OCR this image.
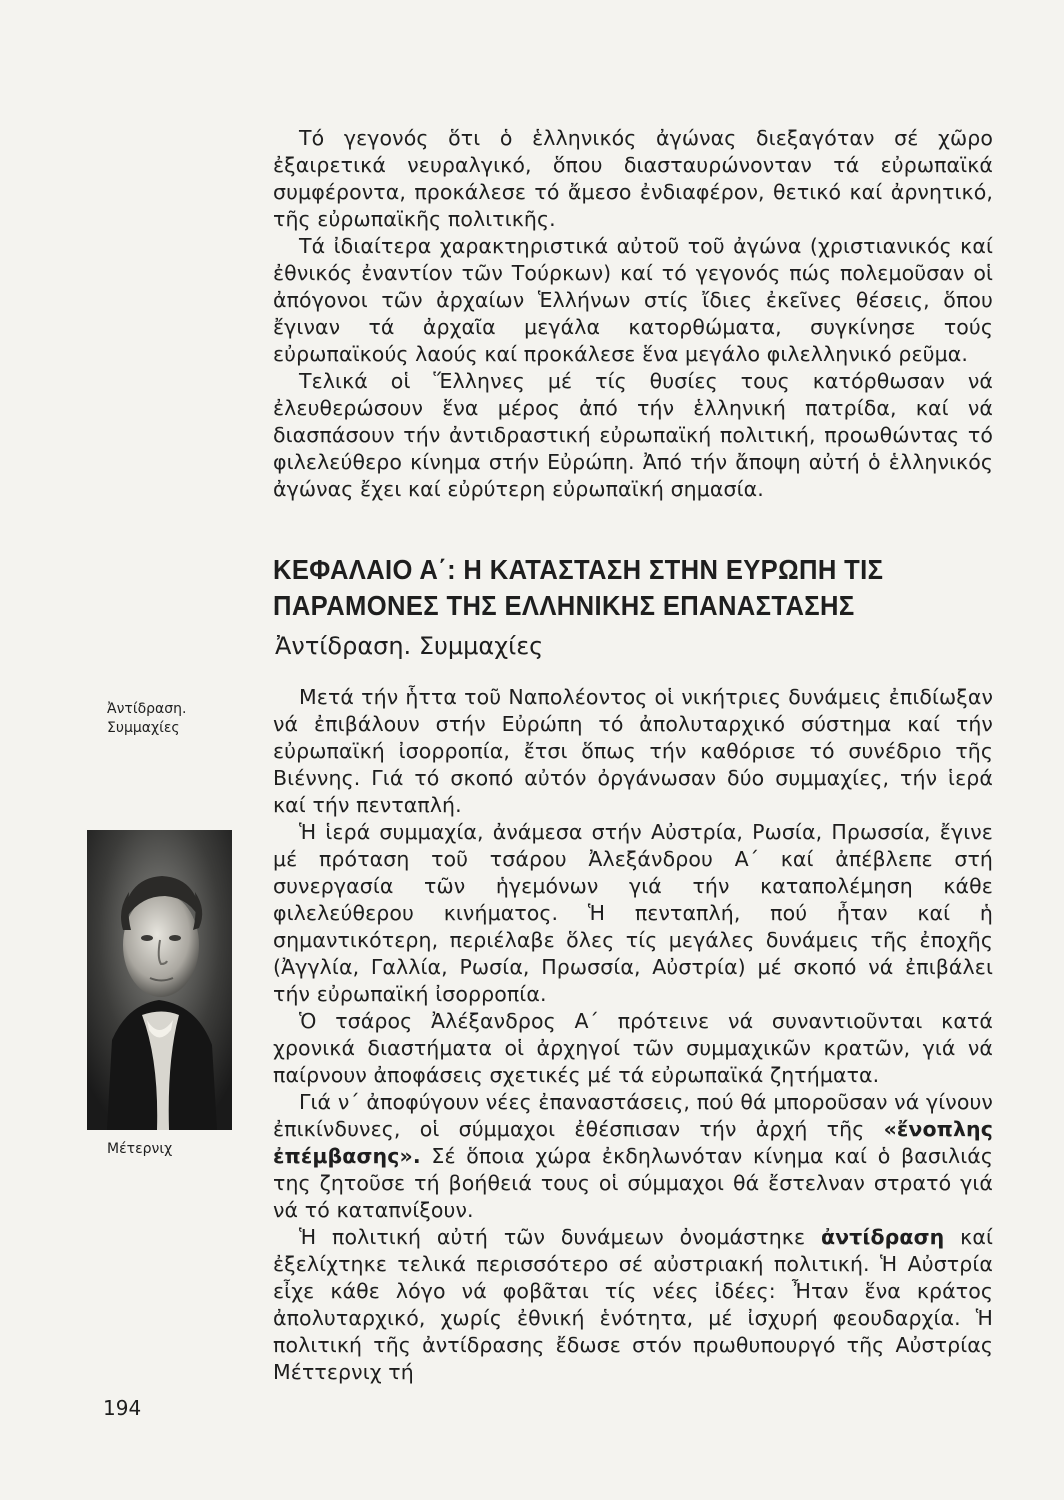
Τό γεγονός ὅτι ὁ ἑλληνικός ἀγώνας διεξαγόταν σέ χῶρο ἐξαιρετικά νευραλγικό, ὅπου διασταυρώνονταν τά εὐρωπαϊκά συμφέροντα, προκάλεσε τό ἄμεσο ἐνδιαφέρον, θετικό καί ἀρνητικό, τῆς εὐρωπαϊκῆς πολιτικῆς.

Τά ἰδιαίτερα χαρακτηριστικά αὐτοῦ τοῦ ἀγώνα (χριστιανικός καί ἐθνικός ἐναντίον τῶν Τούρκων) καί τό γεγονός πώς πολεμοῦσαν οἱ ἀπόγονοι τῶν ἀρχαίων Ἑλλήνων στίς ἴδιες ἐκεῖνες θέσεις, ὅπου ἔγιναν τά ἀρχαῖα μεγάλα κατορθώματα, συγκίνησε τούς εὐρωπαϊκούς λαούς καί προκάλεσε ἕνα μεγάλο φιλελληνικό ρεῦμα.

Τελικά οἱ Ἕλληνες μέ τίς θυσίες τους κατόρθωσαν νά ἐλευθερώσουν ἕνα μέρος ἀπό τήν ἑλληνική πατρίδα, καί νά διασπάσουν τήν ἀντιδραστική εὐρωπαϊκή πολιτική, προωθώντας τό φιλελεύθερο κίνημα στήν Εὐρώπη. Ἀπό τήν ἄποψη αὐτή ὁ ἑλληνικός ἀγώνας ἔχει καί εὐρύτερη εὐρωπαϊκή σημασία.

ΚΕΦΑΛΑΙΟ Α΄: Η ΚΑΤΑΣΤΑΣΗ ΣΤΗΝ ΕΥΡΩΠΗ ΤΙΣ
ΠΑΡΑΜΟΝΕΣ ΤΗΣ ΕΛΛΗΝΙΚΗΣ ΕΠΑΝΑΣΤΑΣΗΣ
Ἀντίδραση. Συμμαχίες
Ἀντίδραση.
Συμμαχίες
Μέτερνιχ

Μετά τήν ἧττα τοῦ Ναπολέοντος οἱ νικήτριες δυνάμεις ἐπιδίωξαν νά ἐπιβάλουν στήν Εὐρώπη τό ἀπολυταρχικό σύστημα καί τήν εὐρωπαϊκή ἰσορροπία, ἔτσι ὅπως τήν καθόρισε τό συνέδριο τῆς Βιέννης. Γιά τό σκοπό αὐτόν ὀργάνωσαν δύο συμμαχίες, τήν ἱερά καί τήν πενταπλή.

Ἡ ἱερά συμμαχία, ἀνάμεσα στήν Αὐστρία, Ρωσία, Πρωσσία, ἔγινε μέ πρόταση τοῦ τσάρου Ἀλεξάνδρου Α΄ καί ἀπέβλεπε στή συνεργασία τῶν ἡγεμόνων γιά τήν καταπολέμηση κάθε φιλελεύθερου κινήματος. Ἡ πενταπλή, πού ἦταν καί ἡ σημαντικότερη, περιέλαβε ὅλες τίς μεγάλες δυνάμεις τῆς ἐποχῆς (Ἀγγλία, Γαλλία, Ρωσία, Πρωσσία, Αὐστρία) μέ σκοπό νά ἐπιβάλει τήν εὐρωπαϊκή ἰσορροπία.

Ὁ τσάρος Ἀλέξανδρος Α΄ πρότεινε νά συναντιοῦνται κατά χρονικά διαστήματα οἱ ἀρχηγοί τῶν συμμαχικῶν κρατῶν, γιά νά παίρνουν ἀποφάσεις σχετικές μέ τά εὐρωπαϊκά ζητήματα.

Γιά ν΄ ἀποφύγουν νέες ἐπαναστάσεις, πού θά μποροῦσαν νά γίνουν ἐπικίνδυνες, οἱ σύμμαχοι ἐθέσπισαν τήν ἀρχή τῆς «ἔνοπλης ἐπέμβασης». Σέ ὅποια χώρα ἐκδηλωνόταν κίνημα καί ὁ βασιλιάς της ζητοῦσε τή βοήθειά τους οἱ σύμμαχοι θά ἔστελναν στρατό γιά νά τό καταπνίξουν.

Ἡ πολιτική αὐτή τῶν δυνάμεων ὀνομάστηκε ἀντίδραση καί ἐξελίχτηκε τελικά περισσότερο σέ αὐστριακή πολιτική. Ἡ Αὐστρία εἶχε κάθε λόγο νά φοβᾶται τίς νέες ἰδέες: Ἦταν ἕνα κράτος ἀπολυταρχικό, χωρίς ἐθνική ἑνότητα, μέ ἰσχυρή φεουδαρχία. Ἡ πολιτική τῆς ἀντίδρασης ἔδωσε στόν πρωθυπουργό τῆς Αὐστρίας Μέττερνιχ τή

194
